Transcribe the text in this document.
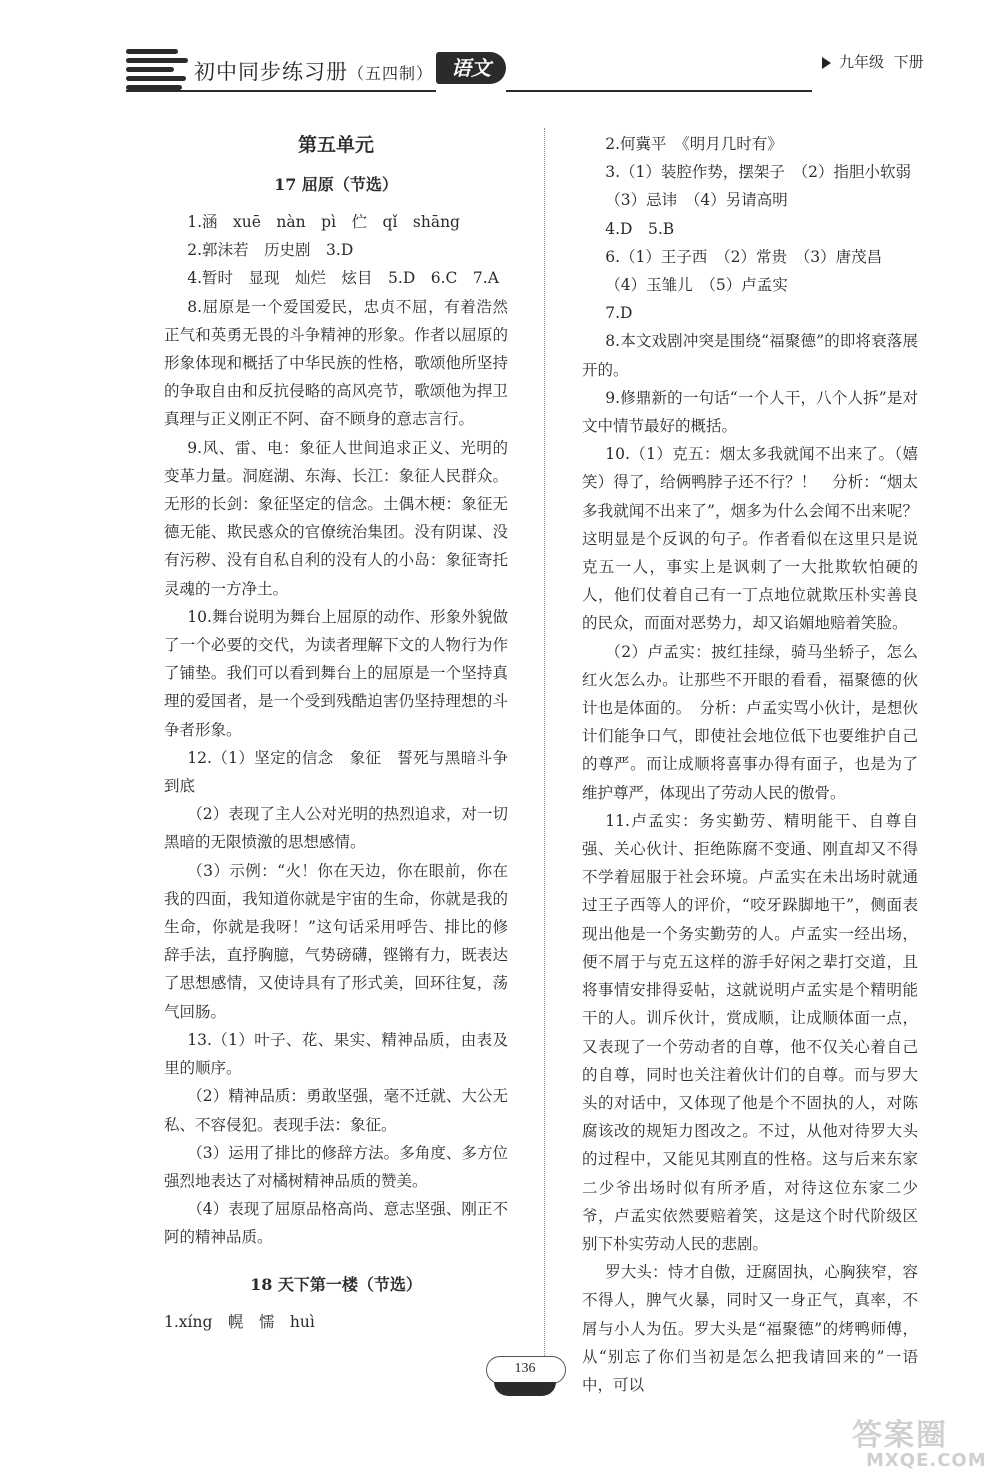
初中同步练习册（五四制） 语文	九年级 下册
第五单元
17 屈原（节选）

1.涵　xuē　nàn　pì　伫　qǐ　shāng

2.郭沫若　历史剧　3.D

4.暂时　显现　灿烂　炫目　5.D　6.C　7.A

8.屈原是一个爱国爱民，忠贞不屈，有着浩然正气和英勇无畏的斗争精神的形象。作者以屈原的形象体现和概括了中华民族的性格，歌颂他所坚持的争取自由和反抗侵略的高风亮节，歌颂他为捍卫真理与正义刚正不阿、奋不顾身的意志言行。

9.风、雷、电：象征人世间追求正义、光明的变革力量。洞庭湖、东海、长江：象征人民群众。无形的长剑：象征坚定的信念。土偶木梗：象征无德无能、欺民惑众的官僚统治集团。没有阴谋、没有污秽、没有自私自利的没有人的小岛：象征寄托灵魂的一方净土。

10.舞台说明为舞台上屈原的动作、形象外貌做了一个必要的交代，为读者理解下文的人物行为作了铺垫。我们可以看到舞台上的屈原是一个坚持真理的爱国者，是一个受到残酷迫害仍坚持理想的斗争者形象。

12.（1）坚定的信念　象征　誓死与黑暗斗争到底

（2）表现了主人公对光明的热烈追求，对一切黑暗的无限愤激的思想感情。

（3）示例：“火！你在天边，你在眼前，你在我的四面，我知道你就是宇宙的生命，你就是我的生命，你就是我呀！”这句话采用呼告、排比的修辞手法，直抒胸臆，气势磅礴，铿锵有力，既表达了思想感情，又使诗具有了形式美，回环往复，荡气回肠。

13.（1）叶子、花、果实、精神品质，由表及里的顺序。

（2）精神品质：勇敢坚强，毫不迁就、大公无私、不容侵犯。表现手法：象征。

（3）运用了排比的修辞方法。多角度、多方位强烈地表达了对橘树精神品质的赞美。

（4）表现了屈原品格高尚、意志坚强、刚正不阿的精神品质。

18 天下第一楼（节选）

1.xíng　幌　懦　huì

2.何冀平　《明月几时有》

3.（1）装腔作势，摆架子　（2）指胆小软弱

（3）忌讳　（4）另请高明

4.D　5.B

6.（1）王子西　（2）常贵　（3）唐茂昌

（4）玉雏儿　（5）卢孟实

7.D

8.本文戏剧冲突是围绕“福聚德”的即将衰落展开的。

9.修鼎新的一句话“一个人干，八个人拆”是对文中情节最好的概括。

10.（1）克五：烟太多我就闻不出来了。（嬉笑）得了，给俩鸭脖子还不行？！　分析：“烟太多我就闻不出来了”，烟多为什么会闻不出来呢？这明显是个反讽的句子。作者看似在这里只是说克五一人，事实上是讽刺了一大批欺软怕硬的人，他们仗着自己有一丁点地位就欺压朴实善良的民众，而面对恶势力，却又谄媚地赔着笑脸。

（2）卢孟实：披红挂绿，骑马坐轿子，怎么红火怎么办。让那些不开眼的看看，福聚德的伙计也是体面的。　分析：卢孟实骂小伙计，是想伙计们能争口气，即使社会地位低下也要维护自己的尊严。而让成顺将喜事办得有面子，也是为了维护尊严，体现出了劳动人民的傲骨。

11.卢孟实：务实勤劳、精明能干、自尊自强、关心伙计、拒绝陈腐不变通、刚直却又不得不学着屈服于社会环境。卢孟实在未出场时就通过王子西等人的评价，“咬牙跺脚地干”，侧面表现出他是一个务实勤劳的人。卢孟实一经出场，便不屑于与克五这样的游手好闲之辈打交道，且将事情安排得妥帖，这就说明卢孟实是个精明能干的人。训斥伙计，赏成顺，让成顺体面一点，又表现了一个劳动者的自尊，他不仅关心着自己的自尊，同时也关注着伙计们的自尊。而与罗大头的对话中，又体现了他是个不固执的人，对陈腐该改的规矩力图改之。不过，从他对待罗大头的过程中，又能见其刚直的性格。这与后来东家二少爷出场时似有所矛盾，对待这位东家二少爷，卢孟实依然要赔着笑，这是这个时代阶级区别下朴实劳动人民的悲剧。

罗大头：恃才自傲，迂腐固执，心胸狭窄，容不得人，脾气火暴，同时又一身正气，真率，不屑与小人为伍。罗大头是“福聚德”的烤鸭师傅，从“别忘了你们当初是怎么把我请回来的”一语中，可以

136
答案圈
MXQE.COM
